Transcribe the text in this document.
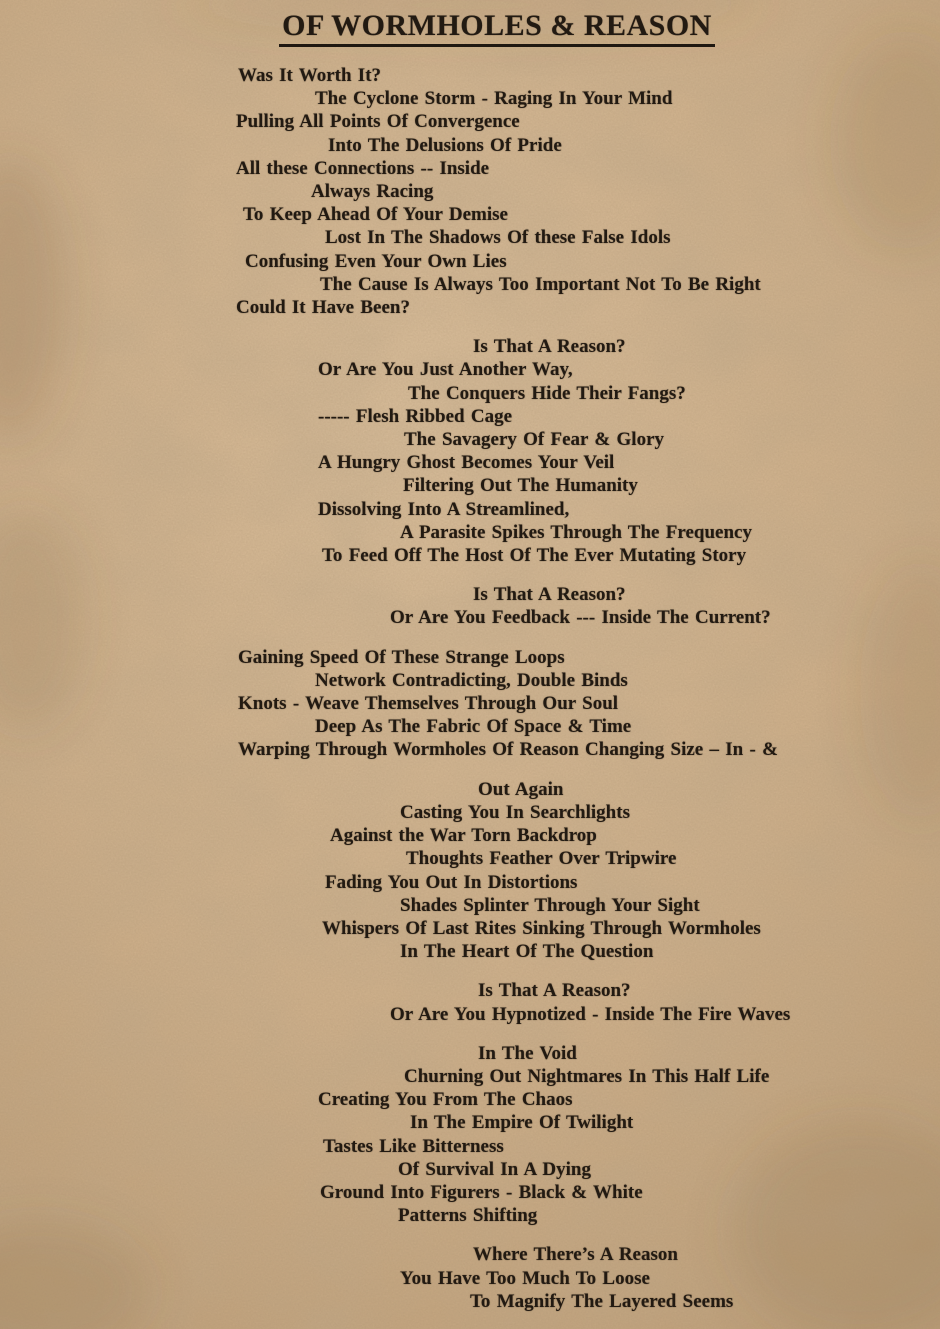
OF WORMHOLES & REASON
Was It Worth It?
The Cyclone Storm - Raging In Your Mind
Pulling All Points Of Convergence
Into The Delusions Of Pride
All these Connections -- Inside
Always Racing
To Keep Ahead Of Your Demise
Lost In The Shadows Of these False Idols
Confusing Even Your Own Lies
The Cause Is Always Too Important Not To Be Right
Could It Have Been?
Is That A Reason?
Or Are You Just Another Way,
The Conquers Hide Their Fangs?
----- Flesh Ribbed Cage
The Savagery Of Fear & Glory
A Hungry Ghost Becomes Your Veil
Filtering Out The Humanity
Dissolving Into A Streamlined,
A Parasite Spikes Through The Frequency
To Feed Off The Host Of The Ever Mutating Story
Is That A Reason?
Or Are You Feedback --- Inside The Current?
Gaining Speed Of These Strange Loops
Network Contradicting, Double Binds
Knots - Weave Themselves Through Our Soul
Deep As The Fabric Of Space & Time
Warping Through Wormholes Of Reason Changing Size – In - &
Out Again
Casting You In Searchlights
Against the War Torn Backdrop
Thoughts Feather Over Tripwire
Fading You Out In Distortions
Shades Splinter Through Your Sight
Whispers Of Last Rites Sinking Through Wormholes
In The Heart Of The Question
Is That A Reason?
Or Are You Hypnotized - Inside The Fire Waves
In The Void
Churning Out Nightmares In This Half Life
Creating You From The Chaos
In The Empire Of Twilight
Tastes Like Bitterness
Of Survival In A Dying
Ground Into Figurers - Black & White
Patterns Shifting
Where There’s A Reason
You Have Too Much To Loose
To Magnify The Layered Seems
